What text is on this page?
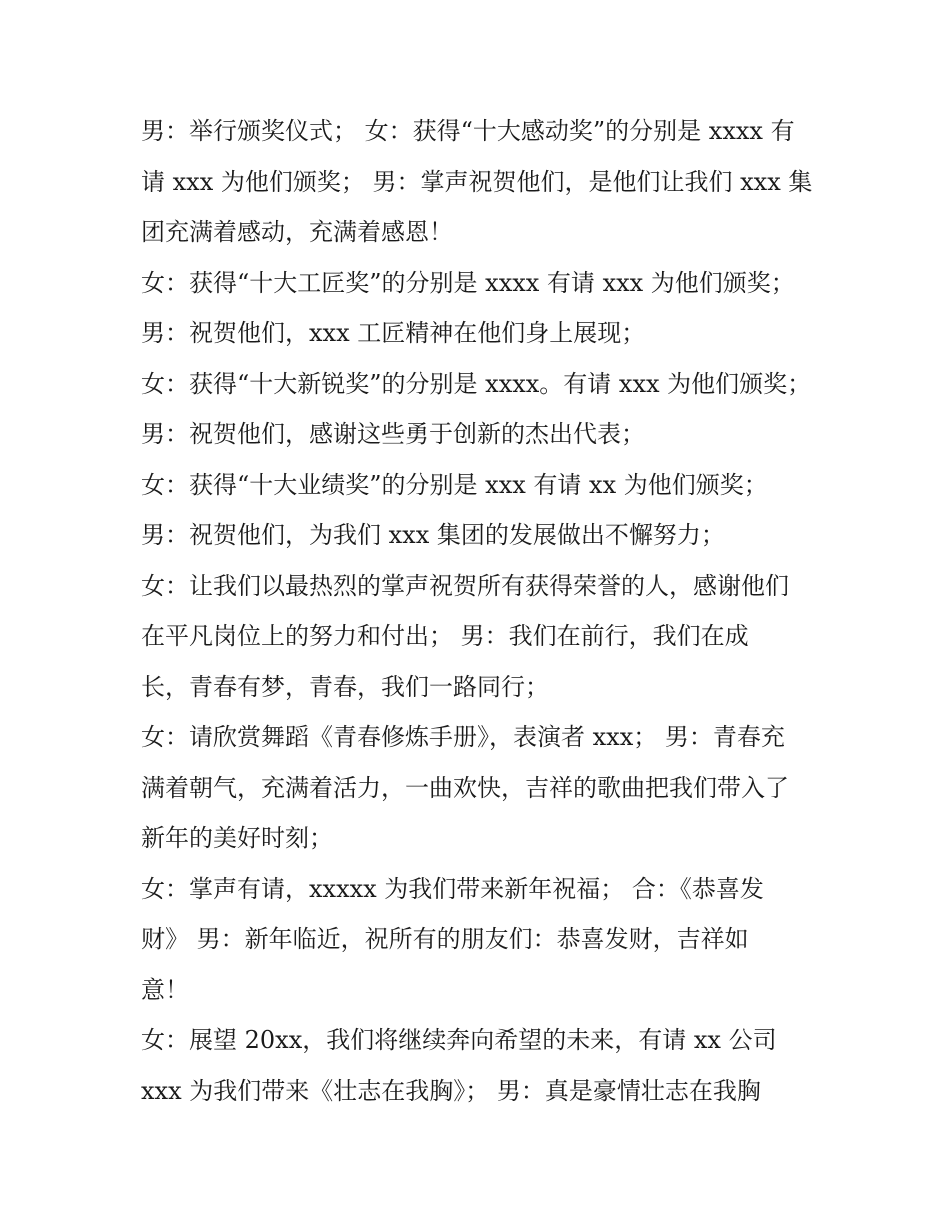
男：举行颁奖仪式； 女：获得“十大感动奖”的分别是 xxxx 有
请 xxx 为他们颁奖； 男：掌声祝贺他们，是他们让我们 xxx 集
团充满着感动，充满着感恩！
女：获得“十大工匠奖”的分别是 xxxx 有请 xxx 为他们颁奖；
男：祝贺他们，xxx 工匠精神在他们身上展现；
女：获得“十大新锐奖”的分别是 xxxx。有请 xxx 为他们颁奖；
男：祝贺他们，感谢这些勇于创新的杰出代表；
女：获得“十大业绩奖”的分别是 xxx 有请 xx 为他们颁奖；
男：祝贺他们，为我们 xxx 集团的发展做出不懈努力；
女：让我们以最热烈的掌声祝贺所有获得荣誉的人，感谢他们
在平凡岗位上的努力和付出； 男：我们在前行，我们在成
长，青春有梦，青春，我们一路同行；
女：请欣赏舞蹈《青春修炼手册》，表演者 xxx； 男：青春充
满着朝气，充满着活力，一曲欢快，吉祥的歌曲把我们带入了
新年的美好时刻；
女：掌声有请，xxxxx 为我们带来新年祝福； 合：《恭喜发
财》 男：新年临近，祝所有的朋友们：恭喜发财，吉祥如
意！
女：展望 20xx，我们将继续奔向希望的未来，有请 xx 公司
xxx 为我们带来《壮志在我胸》； 男：真是豪情壮志在我胸
